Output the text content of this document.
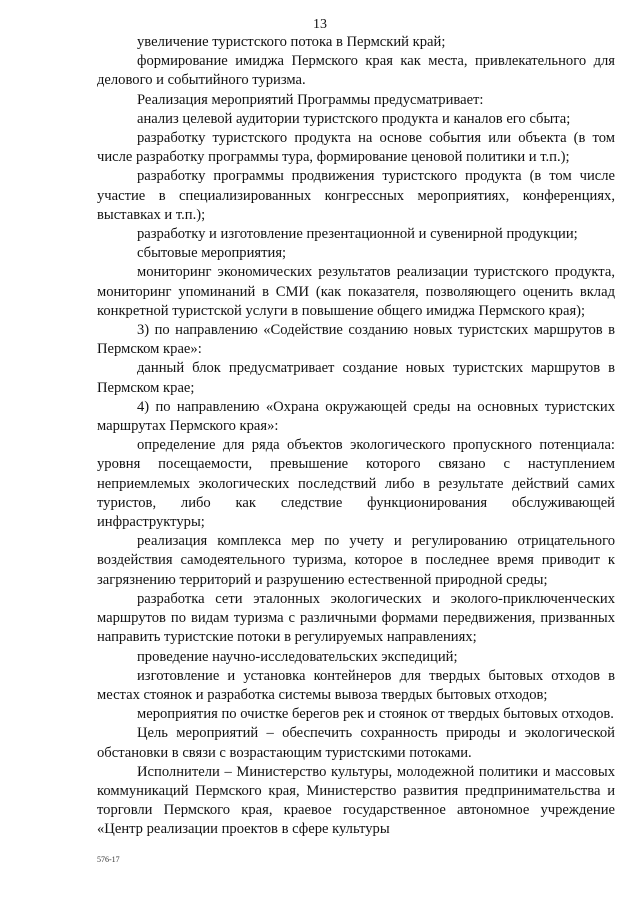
13

увеличение туристского потока в Пермский край;

формирование имиджа Пермского края как места, привлекательного для делового и событийного туризма.

Реализация мероприятий Программы предусматривает:

анализ целевой аудитории туристского продукта и каналов его сбыта;

разработку туристского продукта на основе события или объекта (в том числе разработку программы тура, формирование ценовой политики и т.п.);

разработку программы продвижения туристского продукта (в том числе участие в специализированных конгрессных мероприятиях, конференциях, выставках и т.п.);

разработку и изготовление презентационной и сувенирной продукции;

сбытовые мероприятия;

мониторинг экономических результатов реализации туристского продукта, мониторинг упоминаний в СМИ (как показателя, позволяющего оценить вклад конкретной туристской услуги в повышение общего имиджа Пермского края);

3) по направлению «Содействие созданию новых туристских маршрутов в Пермском крае»:

данный блок предусматривает создание новых туристских маршрутов в Пермском крае;

4) по направлению «Охрана окружающей среды на основных туристских маршрутах Пермского края»:

определение для ряда объектов экологического пропускного потенциала: уровня посещаемости, превышение которого связано с наступлением неприемлемых экологических последствий либо в результате действий самих туристов, либо как следствие функционирования обслуживающей инфраструктуры;

реализация комплекса мер по учету и регулированию отрицательного воздействия самодеятельного туризма, которое в последнее время приводит к загрязнению территорий и разрушению естественной природной среды;

разработка сети эталонных экологических и эколого-приключенческих маршрутов по видам туризма с различными формами передвижения, призванных направить туристские потоки в регулируемых направлениях;

проведение научно-исследовательских экспедиций;

изготовление и установка контейнеров для твердых бытовых отходов в местах стоянок и разработка системы вывоза твердых бытовых отходов;

мероприятия по очистке берегов рек и стоянок от твердых бытовых отходов.

Цель мероприятий – обеспечить сохранность природы и экологической обстановки в связи с возрастающим туристскими потоками.

Исполнители – Министерство культуры, молодежной политики и массовых коммуникаций Пермского края, Министерство развития предпринимательства и торговли Пермского края, краевое государственное автономное учреждение «Центр реализации проектов в сфере культуры

576-17
